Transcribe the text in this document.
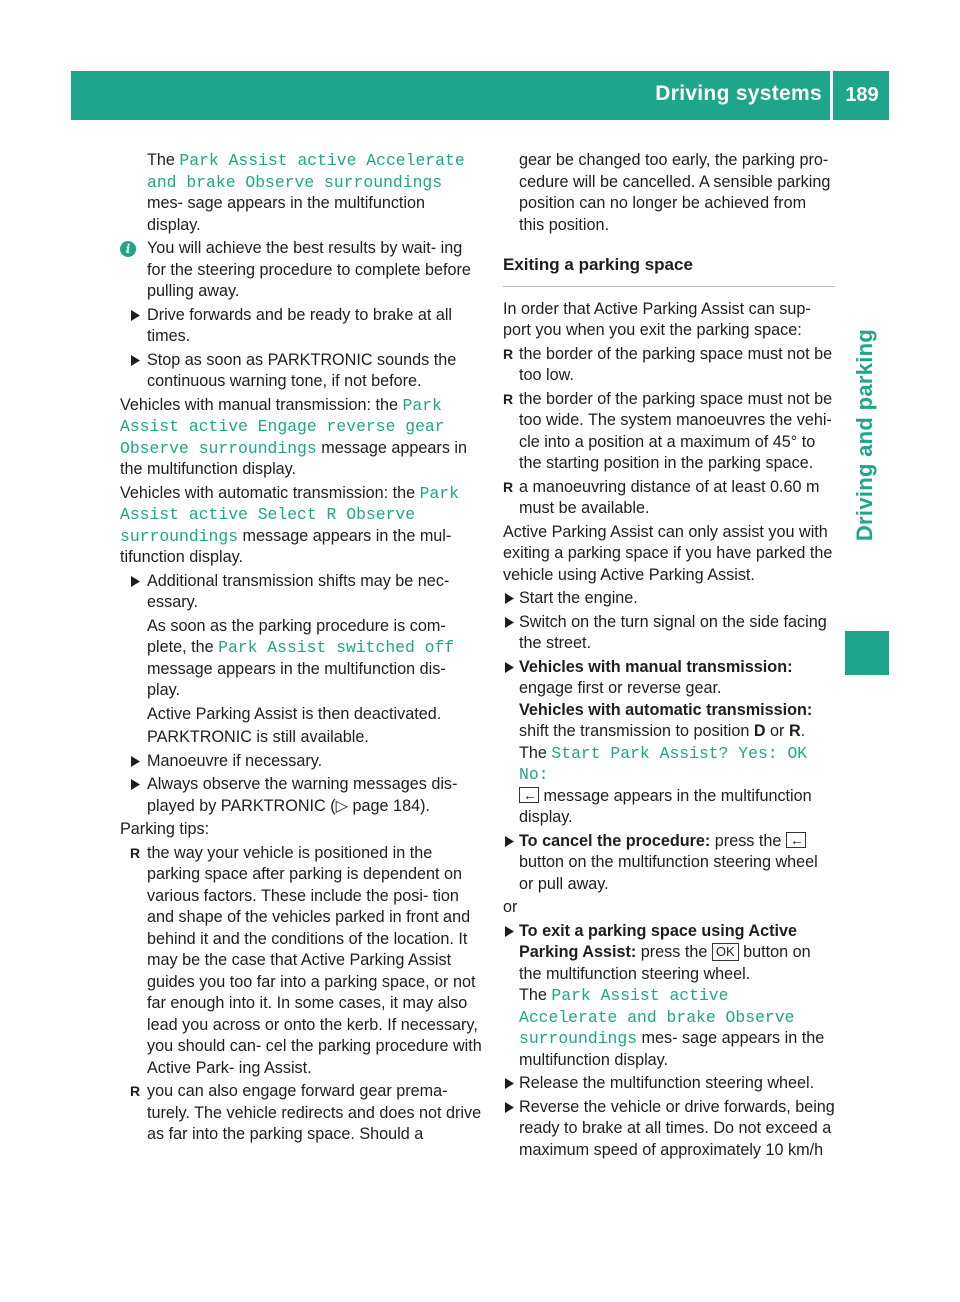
Driving systems	189
Driving and parking

The Park Assist active Accelerate and brake Observe surroundings mes- sage appears in the multifunction display.

i	You will achieve the best results by wait- ing for the steering procedure to complete before pulling away.
Drive forwards and be ready to brake at all times.
Stop as soon as PARKTRONIC sounds the continuous warning tone, if not before.

Vehicles with manual transmission: the Park Assist active Engage reverse gear Observe surroundings message appears in the multifunction display.

Vehicles with automatic transmission: the Park Assist active Select R Observe surroundings message appears in the mul- tifunction display.

Additional transmission shifts may be nec- essary.

As soon as the parking procedure is com- plete, the Park Assist switched off message appears in the multifunction dis- play.

Active Parking Assist is then deactivated.

PARKTRONIC is still available.

Manoeuvre if necessary.
Always observe the warning messages dis- played by PARKTRONIC (▷ page 184).

Parking tips:

R the way your vehicle is positioned in the parking space after parking is dependent on various factors. These include the posi- tion and shape of the vehicles parked in front and behind it and the conditions of the location. It may be the case that Active Parking Assist guides you too far into a parking space, or not far enough into it. In some cases, it may also lead you across or onto the kerb. If necessary, you should can- cel the parking procedure with Active Park- ing Assist.
R you can also engage forward gear prema- turely. The vehicle redirects and does not drive as far into the parking space. Should a

gear be changed too early, the parking pro- cedure will be cancelled. A sensible parking position can no longer be achieved from this position.

Exiting a parking space

In order that Active Parking Assist can sup- port you when you exit the parking space:

R the border of the parking space must not be too low.
R the border of the parking space must not be too wide. The system manoeuvres the vehi- cle into a position at a maximum of 45° to the starting position in the parking space.
R a manoeuvring distance of at least 0.60 m must be available.

Active Parking Assist can only assist you with exiting a parking space if you have parked the vehicle using Active Parking Assist.

Start the engine.
Switch on the turn signal on the side facing the street.
Vehicles with manual transmission: engage first or reverse gear.
Vehicles with automatic transmission:
shift the transmission to position D or R.
The Start Park Assist? Yes: OK No:
← message appears in the multifunction display.
To cancel the procedure: press the ← button on the multifunction steering wheel or pull away.

or

To exit a parking space using Active Parking Assist: press the OK button on the multifunction steering wheel.
The Park Assist active Accelerate and brake Observe surroundings mes- sage appears in the multifunction display.
Release the multifunction steering wheel.
Reverse the vehicle or drive forwards, being ready to brake at all times. Do not exceed a maximum speed of approximately 10 km/h
